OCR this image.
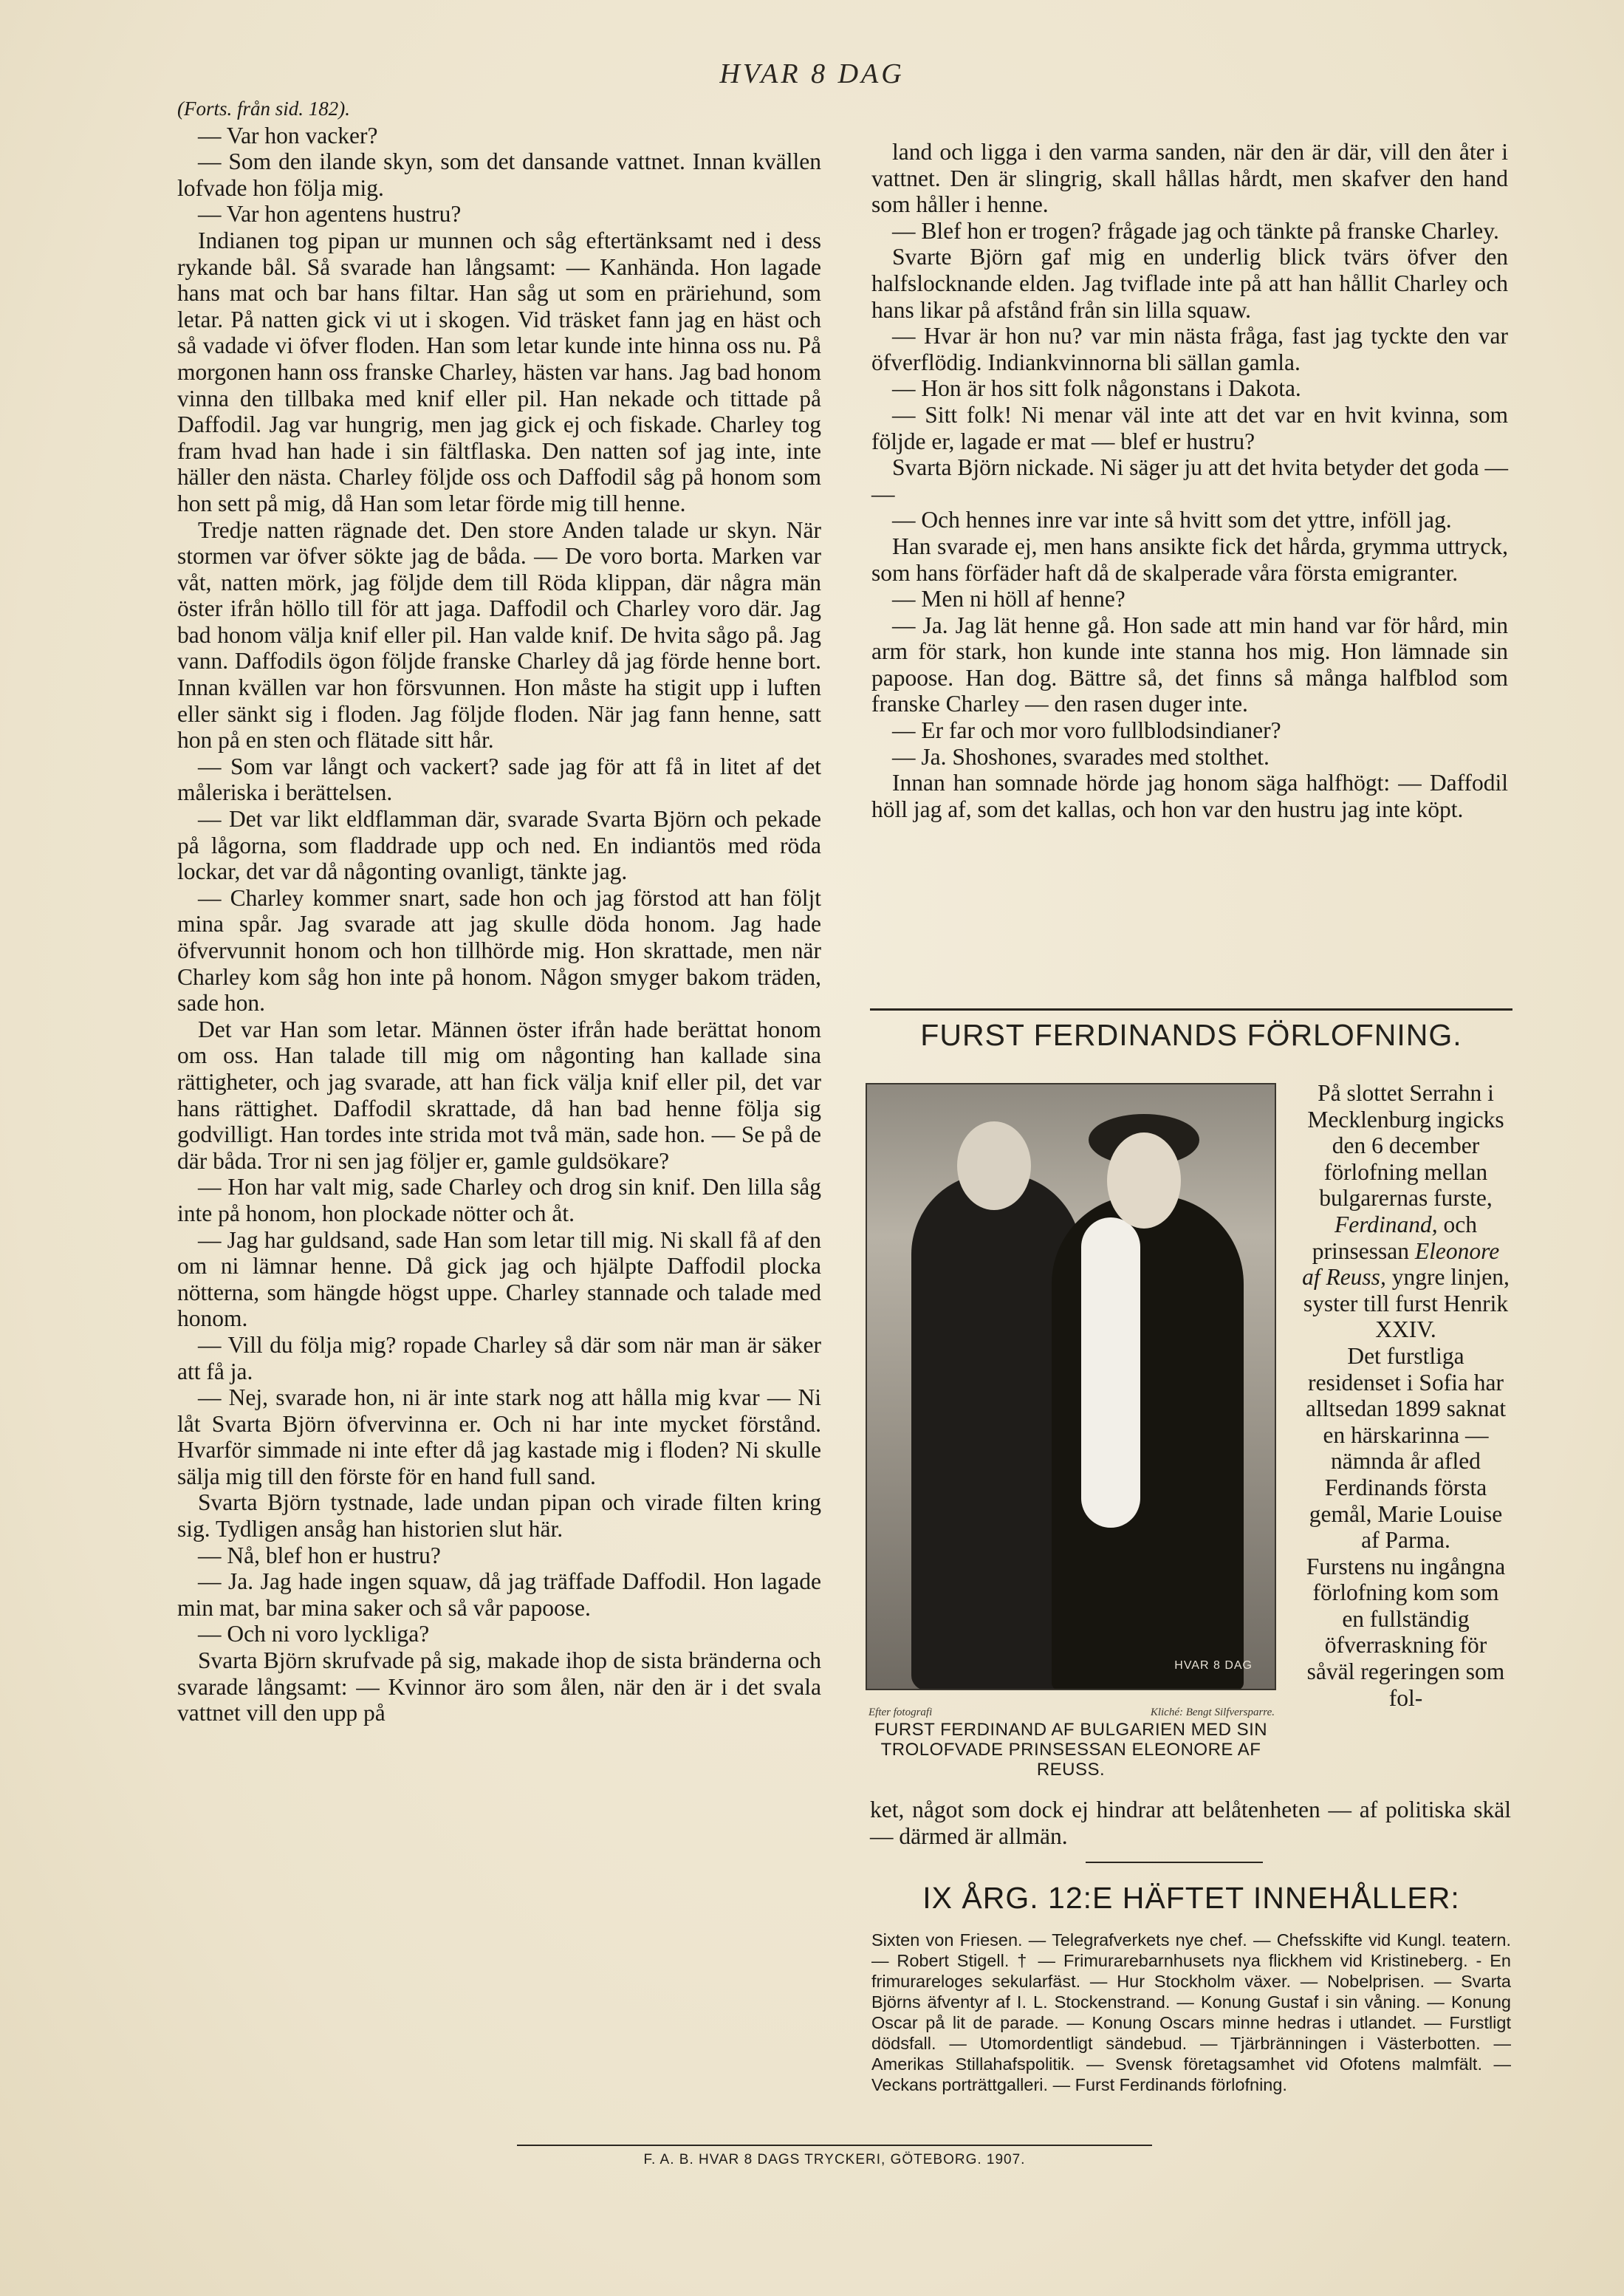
HVAR 8 DAG

(Forts. från sid. 182).

— Var hon vacker?

— Som den ilande skyn, som det dansande vattnet. Innan kvällen lofvade hon följa mig.

— Var hon agentens hustru?

Indianen tog pipan ur munnen och såg eftertänksamt ned i dess rykande bål. Så svarade han långsamt: — Kanhända. Hon lagade hans mat och bar hans filtar. Han såg ut som en präriehund, som letar. På natten gick vi ut i skogen. Vid träsket fann jag en häst och så vadade vi öfver floden. Han som letar kunde inte hinna oss nu. På morgonen hann oss franske Charley, hästen var hans. Jag bad honom vinna den tillbaka med knif eller pil. Han nekade och tittade på Daffodil. Jag var hungrig, men jag gick ej och fiskade. Charley tog fram hvad han hade i sin fältflaska. Den natten sof jag inte, inte häller den nästa. Charley följde oss och Daffodil såg på honom som hon sett på mig, då Han som letar förde mig till henne.

Tredje natten rägnade det. Den store Anden talade ur skyn. När stormen var öfver sökte jag de båda. — De voro borta. Marken var våt, natten mörk, jag följde dem till Röda klippan, där några män öster ifrån höllo till för att jaga. Daffodil och Charley voro där. Jag bad honom välja knif eller pil. Han valde knif. De hvita sågo på. Jag vann. Daffodils ögon följde franske Charley då jag förde henne bort. Innan kvällen var hon försvunnen. Hon måste ha stigit upp i luften eller sänkt sig i floden. Jag följde floden. När jag fann henne, satt hon på en sten och flätade sitt hår.

— Som var långt och vackert? sade jag för att få in litet af det måleriska i berättelsen.

— Det var likt eldflamman där, svarade Svarta Björn och pekade på lågorna, som fladdrade upp och ned. En indiantös med röda lockar, det var då någonting ovanligt, tänkte jag.

— Charley kommer snart, sade hon och jag förstod att han följt mina spår. Jag svarade att jag skulle döda honom. Jag hade öfvervunnit honom och hon tillhörde mig. Hon skrattade, men när Charley kom såg hon inte på honom. Någon smyger bakom träden, sade hon.

Det var Han som letar. Männen öster ifrån hade berättat honom om oss. Han talade till mig om någonting han kallade sina rättigheter, och jag svarade, att han fick välja knif eller pil, det var hans rättighet. Daffodil skrattade, då han bad henne följa sig godvilligt. Han tordes inte strida mot två män, sade hon. — Se på de där båda. Tror ni sen jag följer er, gamle guldsökare?

— Hon har valt mig, sade Charley och drog sin knif. Den lilla såg inte på honom, hon plockade nötter och åt.

— Jag har guldsand, sade Han som letar till mig. Ni skall få af den om ni lämnar henne. Då gick jag och hjälpte Daffodil plocka nötterna, som hängde högst uppe. Charley stannade och talade med honom.

— Vill du följa mig? ropade Charley så där som när man är säker att få ja.

— Nej, svarade hon, ni är inte stark nog att hålla mig kvar — Ni låt Svarta Björn öfvervinna er. Och ni har inte mycket förstånd. Hvarför simmade ni inte efter då jag kastade mig i floden? Ni skulle sälja mig till den förste för en hand full sand.

Svarta Björn tystnade, lade undan pipan och virade filten kring sig. Tydligen ansåg han historien slut här.

— Nå, blef hon er hustru?

— Ja. Jag hade ingen squaw, då jag träffade Daffodil. Hon lagade min mat, bar mina saker och så vår papoose.

— Och ni voro lyckliga?

Svarta Björn skrufvade på sig, makade ihop de sista bränderna och svarade långsamt: — Kvinnor äro som ålen, när den är i det svala vattnet vill den upp på

land och ligga i den varma sanden, när den är där, vill den åter i vattnet. Den är slingrig, skall hållas hårdt, men skafver den hand som håller i henne.

— Blef hon er trogen? frågade jag och tänkte på franske Charley.

Svarte Björn gaf mig en underlig blick tvärs öfver den halfslocknande elden. Jag tviflade inte på att han hållit Charley och hans likar på afstånd från sin lilla squaw.

— Hvar är hon nu? var min nästa fråga, fast jag tyckte den var öfverflödig. Indiankvinnorna bli sällan gamla.

— Hon är hos sitt folk någonstans i Dakota.

— Sitt folk! Ni menar väl inte att det var en hvit kvinna, som följde er, lagade er mat — blef er hustru?

Svarta Björn nickade. Ni säger ju att det hvita betyder det goda — —

— Och hennes inre var inte så hvitt som det yttre, inföll jag.

Han svarade ej, men hans ansikte fick det hårda, grymma uttryck, som hans förfäder haft då de skalperade våra första emigranter.

— Men ni höll af henne?

— Ja. Jag lät henne gå. Hon sade att min hand var för hård, min arm för stark, hon kunde inte stanna hos mig. Hon lämnade sin papoose. Han dog. Bättre så, det finns så många halfblod som franske Charley — den rasen duger inte.

— Er far och mor voro fullblodsindianer?

— Ja. Shoshones, svarades med stolthet.

Innan han somnade hörde jag honom säga halfhögt: — Daffodil höll jag af, som det kallas, och hon var den hustru jag inte köpt.

FURST FERDINANDS FÖRLOFNING.
HVAR 8 DAG
Efter fotografi	Kliché: Bengt Silfversparre.
FURST FERDINAND AF BULGARIEN MED SIN TROLOFVADE PRINSESSAN ELEONORE AF REUSS.
På slottet Serrahn i Mecklenburg ingicks den 6 december förlofning mellan bulgarernas furste, Ferdinand, och prinsessan Eleonore af Reuss, yngre linjen, syster till furst Henrik XXIV.
Det furstliga residenset i Sofia har alltsedan 1899 saknat en härskarinna — nämnda år afled Ferdinands första gemål, Marie Louise af Parma.
Furstens nu ingångna förlofning kom som en fullständig öfverraskning för såväl regeringen som fol-
ket, något som dock ej hindrar att belåtenheten — af politiska skäl — därmed är allmän.
IX ÅRG. 12:E HÄFTET INNEHÅLLER:
Sixten von Friesen. — Telegrafverkets nye chef. — Chefsskifte vid Kungl. teatern. — Robert Stigell. † — Frimurarebarnhusets nya flickhem vid Kristineberg. - En frimurareloges sekularfäst. — Hur Stockholm växer. — Nobelprisen. — Svarta Björns äfventyr af I. L. Stockenstrand. — Konung Gustaf i sin våning. — Konung Oscar på lit de parade. — Konung Oscars minne hedras i utlandet. — Furstligt dödsfall. — Utomordentligt sändebud. — Tjärbränningen i Västerbotten. — Amerikas Stillahafspolitik. — Svensk företagsamhet vid Ofotens malmfält. — Veckans porträttgalleri. — Furst Ferdinands förlofning.
F. A. B. HVAR 8 DAGS TRYCKERI, GÖTEBORG. 1907.
